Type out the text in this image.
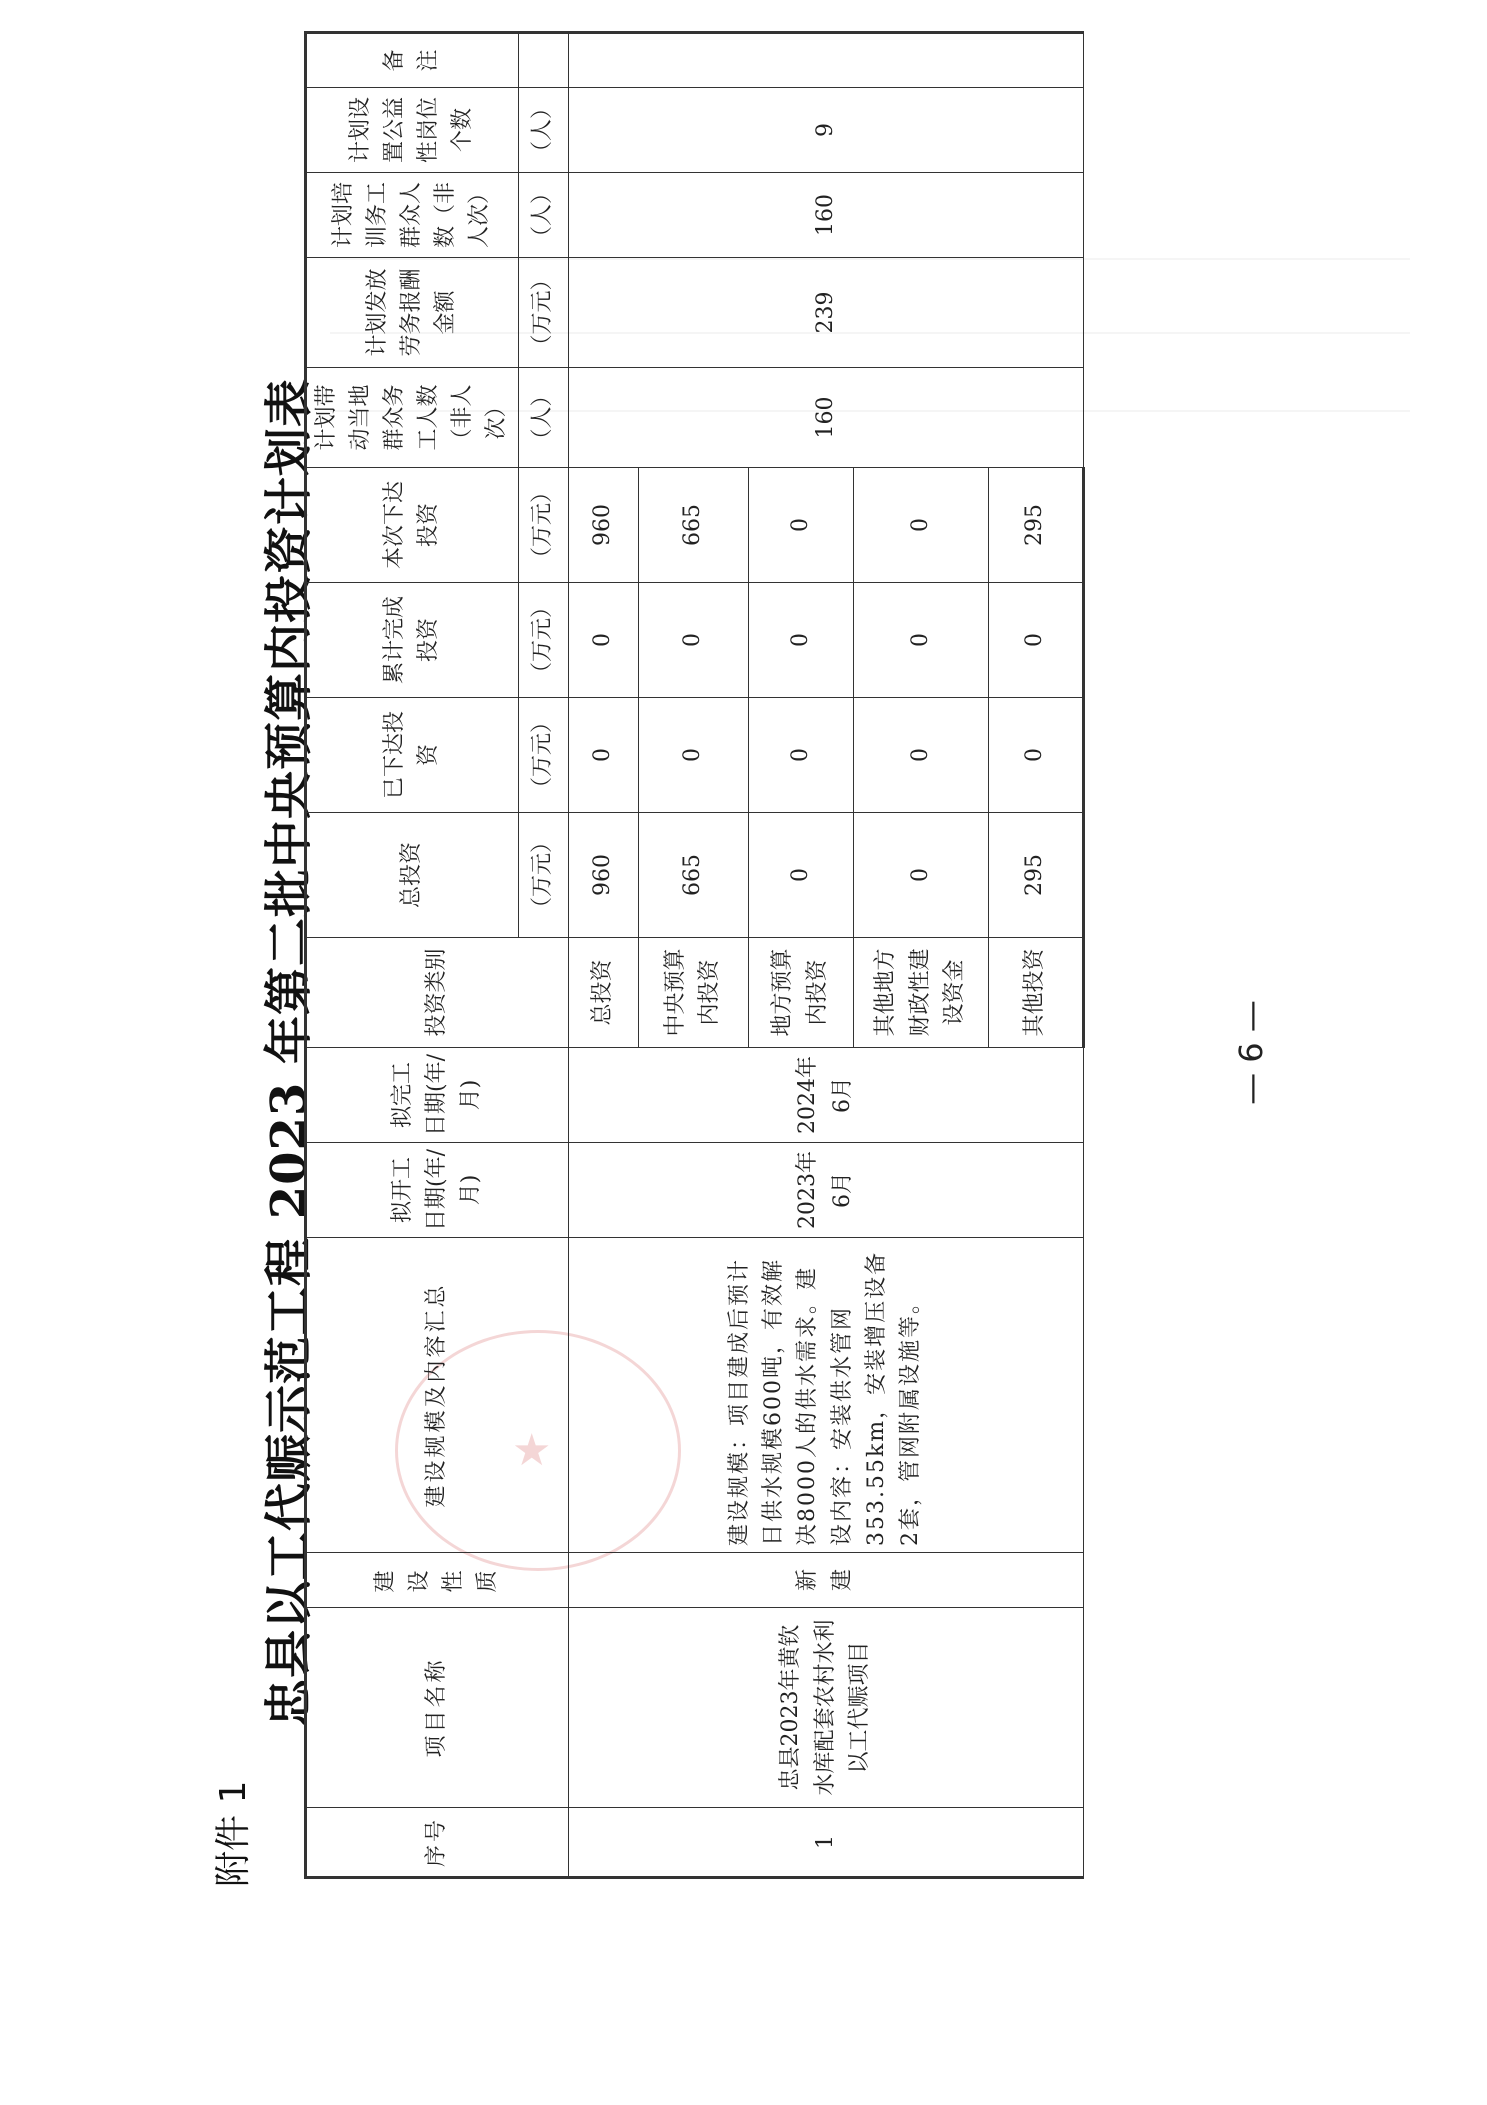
★
附件 1
忠县以工代赈示范工程 2023 年第二批中央预算内投资计划表
序号	项目名称	建设性质	建设规模及内容汇总	拟开工日期(年/月)	拟完工日期(年/月)	投资类别	总投资	已下达投资	累计完成投资	本次下达投资	计划带动当地群众务工人数（非人次）	计划发放劳务报酬金额	计划培训务工群众人数（非人次）	计划设置公益性岗位个数	备注
							（万元）	（万元）	（万元）	（万元）	（人）	（万元）	（人）	（人）	
1	忠县2023年黄钦水库配套农村水利以工代赈项目	新建	建设规模：项目建成后预计日供水规模600吨，有效解决8000人的供水需求。建设内容：安装供水管网353.55km，安装增压设备2套，管网附属设施等。	2023年6月	2024年6月	总投资	960	0	0	960	160	239	160	9	
						中央预算内投资	665	0	0	665					
						地方预算内投资	0	0	0	0					
						其他地方财政性建设资金	0	0	0	0					
						其他投资	295	0	0	295					
— 6 —
